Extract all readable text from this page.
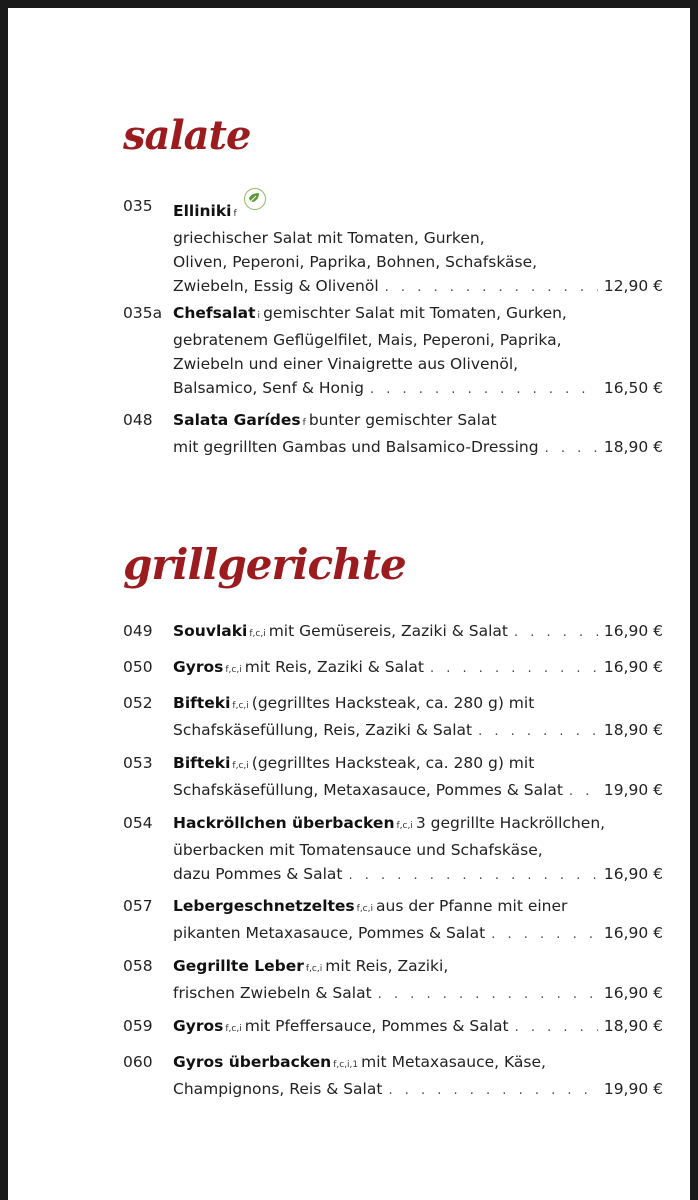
salate
035 Elliniki f
griechischer Salat mit Tomaten, Gurken,
Oliven, Peperoni, Paprika, Bohnen, Schafskäse,
Zwiebeln, Essig & Olivenöl . . .	12,90 €
035a Chefsalat i gemischter Salat mit Tomaten, Gurken,
gebratenem Geflügelfilet, Mais, Peperoni, Paprika,
Zwiebeln und einer Vinaigrette aus Olivenöl,
Balsamico, Senf & Honig . . .	16,50 €
048 Salata Garídes f bunter gemischter Salat
mit gegrillten Gambas und Balsamico-Dressing . . .	18,90 €
grillgerichte
049 Souvlaki f,c,i mit Gemüsereis, Zaziki & Salat . . .	16,90 €
050 Gyros f,c,i mit Reis, Zaziki & Salat . . .	16,90 €
052 Bifteki f,c,i (gegrilltes Hacksteak, ca. 280 g) mit
Schafskäsefüllung, Reis, Zaziki & Salat . . .	18,90 €
053 Bifteki f,c,i (gegrilltes Hacksteak, ca. 280 g) mit
Schafskäsefüllung, Metaxasauce, Pommes & Salat . . .	19,90 €
054 Hackröllchen überbacken f,c,i 3 gegrillte Hackröllchen,
überbacken mit Tomatensauce und Schafskäse,
dazu Pommes & Salat . . .	16,90 €
057 Lebergeschnetzeltes f,c,i aus der Pfanne mit einer
pikanten Metaxasauce, Pommes & Salat . . .	16,90 €
058 Gegrillte Leber f,c,i mit Reis, Zaziki,
frischen Zwiebeln & Salat . . .	16,90 €
059 Gyros f,c,i mit Pfeffersauce, Pommes & Salat . . .	18,90 €
060 Gyros überbacken f,c,i,1 mit Metaxasauce, Käse,
Champignons, Reis & Salat . . .	19,90 €
